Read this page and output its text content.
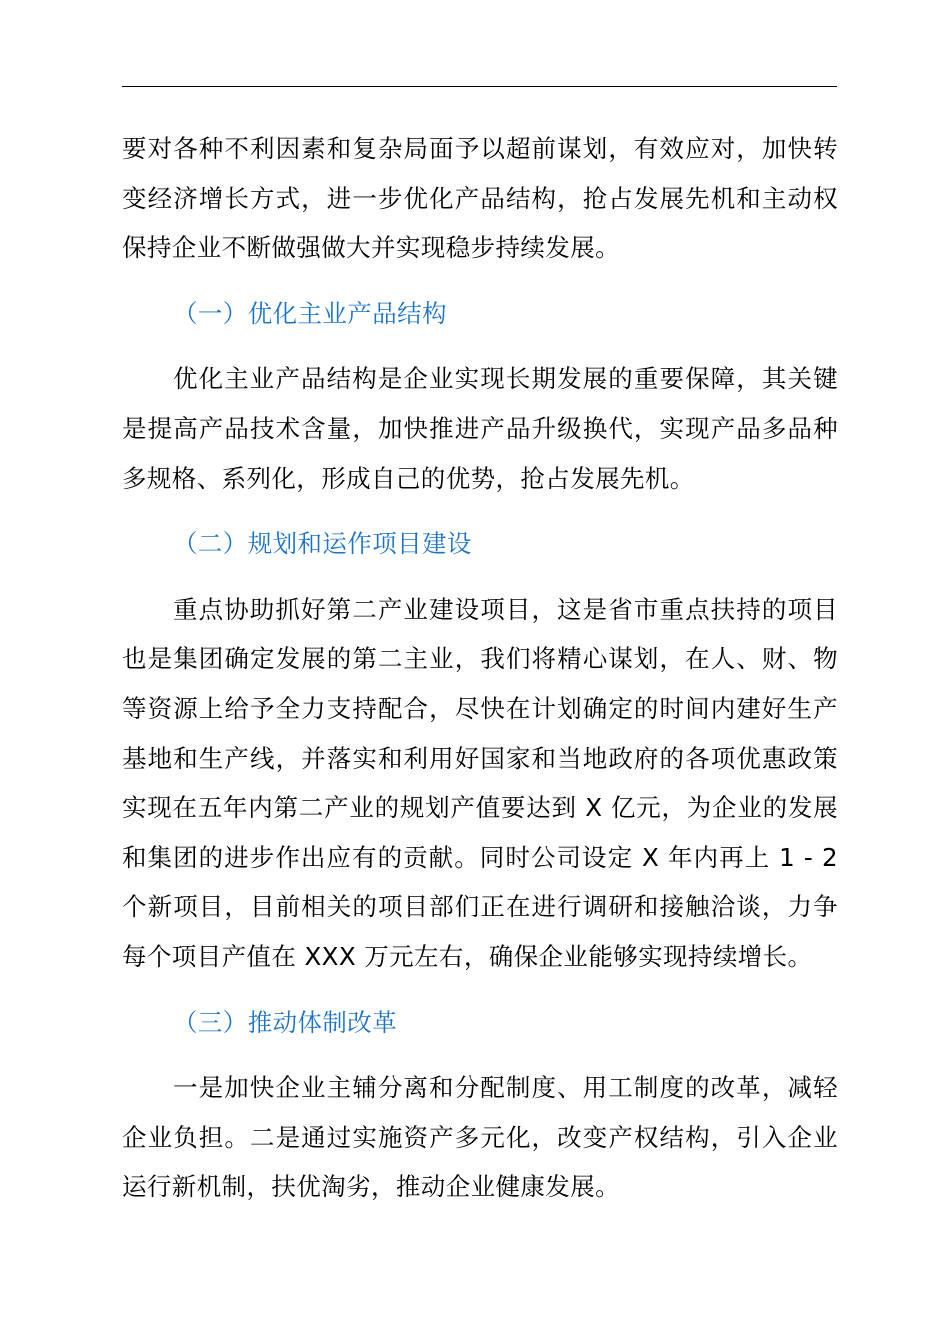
要对各种不利因素和复杂局面予以超前谋划，有效应对，加快转变经济增长方式，进一步优化产品结构，抢占发展先机和主动权保持企业不断做强做大并实现稳步持续发展。

（一）优化主业产品结构

优化主业产品结构是企业实现长期发展的重要保障，其关键是提高产品技术含量，加快推进产品升级换代，实现产品多品种多规格、系列化，形成自己的优势，抢占发展先机。

（二）规划和运作项目建设

重点协助抓好第二产业建设项目，这是省市重点扶持的项目也是集团确定发展的第二主业，我们将精心谋划，在人、财、物等资源上给予全力支持配合，尽快在计划确定的时间内建好生产基地和生产线，并落实和利用好国家和当地政府的各项优惠政策实现在五年内第二产业的规划产值要达到 X 亿元，为企业的发展和集团的进步作出应有的贡献。同时公司设定 X 年内再上 1 - 2 个新项目，目前相关的项目部们正在进行调研和接触洽谈，力争每个项目产值在 XXX 万元左右，确保企业能够实现持续增长。

（三）推动体制改革

一是加快企业主辅分离和分配制度、用工制度的改革，减轻企业负担。二是通过实施资产多元化，改变产权结构，引入企业运行新机制，扶优淘劣，推动企业健康发展。
